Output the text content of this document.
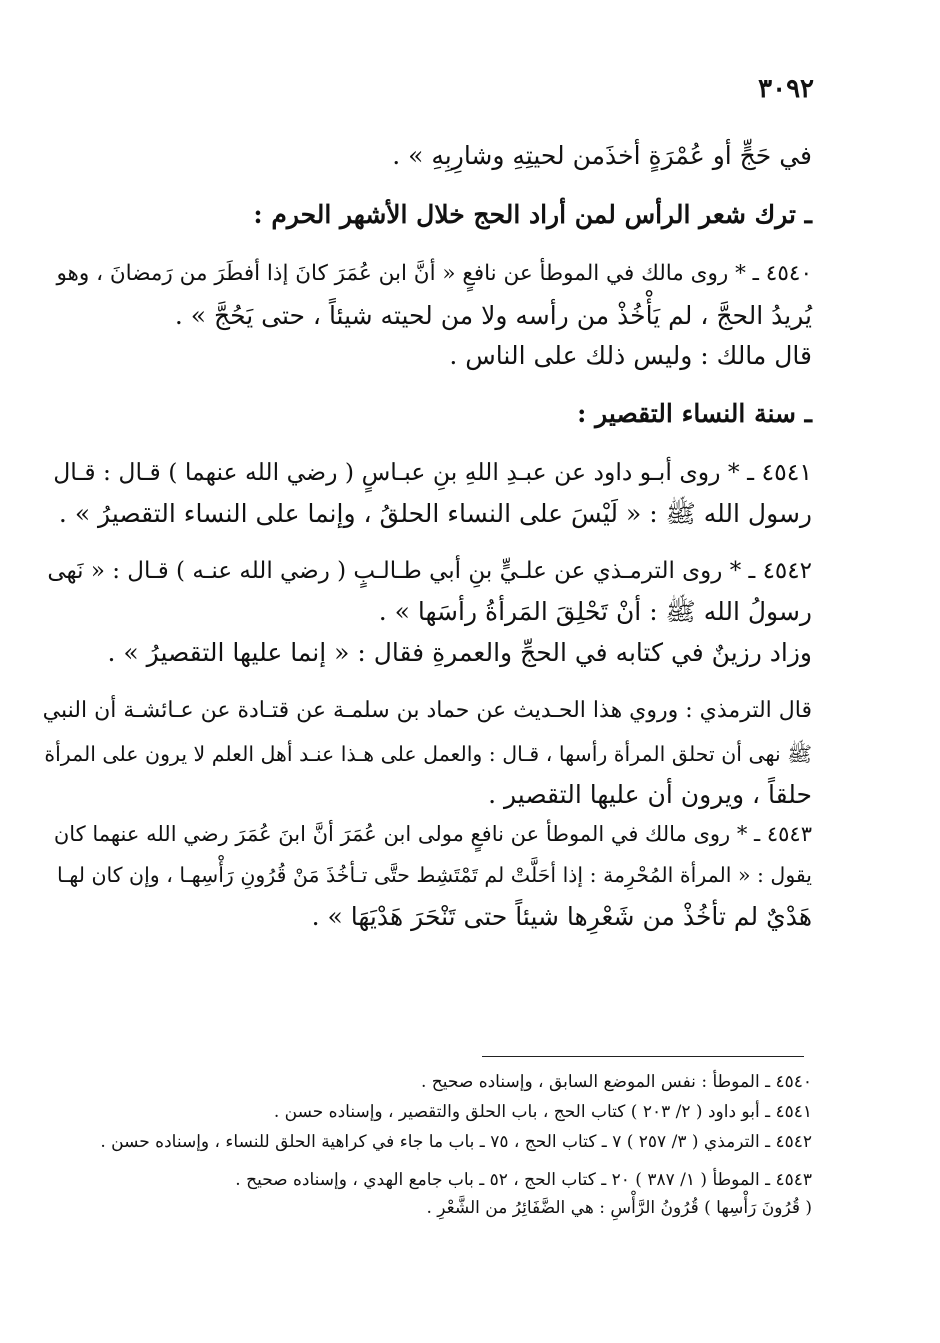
٣٠٩٢
في حَجٍّ أو عُمْرَةٍ أخذَمن لحيتِهِ وشارِبِهِ » .
ـ ترك شعر الرأس لمن أراد الحج خلال الأشهر الحرم :
٤٥٤٠ ـ * روى مالك في الموطأ عن نافعٍ « أنَّ ابن عُمَرَ كانَ إذا أفطَرَ من رَمضانَ ، وهو
يُريدُ الحجَّ ، لم يَأْخُذْ من رأسه ولا من لحيته شيئاً ، حتى يَحُجَّ » .
قال مالك : وليس ذلك على الناس .
ـ سنة النساء التقصير :
٤٥٤١ ـ * روى أبـو داود عن عبـدِ اللهِ بنِ عبـاسٍ ( رضي الله عنهما ) قـال : قـال
رسول الله ﷺ : « لَيْسَ على النساء الحلقُ ، وإنما على النساء التقصيرُ » .
٤٥٤٢ ـ * روى الترمـذي عن علـيٍّ بنِ أبي طـالـبٍ ( رضي الله عنـه ) قـال : « نَهى
رسولُ الله ﷺ : أنْ تَحْلِقَ المَرأةُ رأسَها » .
وزاد رزينٌ في كتابه في الحجِّ والعمرةِ فقال : « إنما عليها التقصيرُ » .
قال الترمذي : وروي هذا الحـديث عن حماد بن سلمـة عن قتـادة عن عـائشـة أن النبي
ﷺ نهى أن تحلق المرأة رأسها ، قـال : والعمل على هـذا عنـد أهل العلم لا يرون على المرأة
حلقاً ، ويرون أن عليها التقصير .
٤٥٤٣ ـ * روى مالك في الموطأ عن نافعٍ مولى ابن عُمَرَ أنَّ ابنَ عُمَرَ رضي الله عنهما كان
يقول : « المرأة المُحْرِمة : إذا أحَلَّتْ لم تَمْتَشِط حتَّى تـأخُذَ مَنْ قُرُونِ رَأْسِهـا ، وإن كان لهـا
هَدْيٌ لم تأخُذْ من شَعْرِها شيئاً حتى تَنْحَرَ هَدْيَهَا » .
٤٥٤٠ ـ الموطأ : نفس الموضع السابق ، وإسناده صحيح .
٤٥٤١ ـ أبو داود ( ٢/ ٢٠٣ ) كتاب الحج ، باب الحلق والتقصير ، وإسناده حسن .
٤٥٤٢ ـ الترمذي ( ٣/ ٢٥٧ ) ٧ ـ كتاب الحج ، ٧٥ ـ باب ما جاء في كراهية الحلق للنساء ، وإسناده حسن .
٤٥٤٣ ـ الموطأ ( ١/ ٣٨٧ ) ٢٠ ـ كتاب الحج ، ٥٢ ـ باب جامع الهدي ، وإسناده صحيح .
( قُرُونَ رَأْسِها ) قُرُونُ الرَّأْسِ : هي الضَّفَائِرُ من الشَّعْرِ .
